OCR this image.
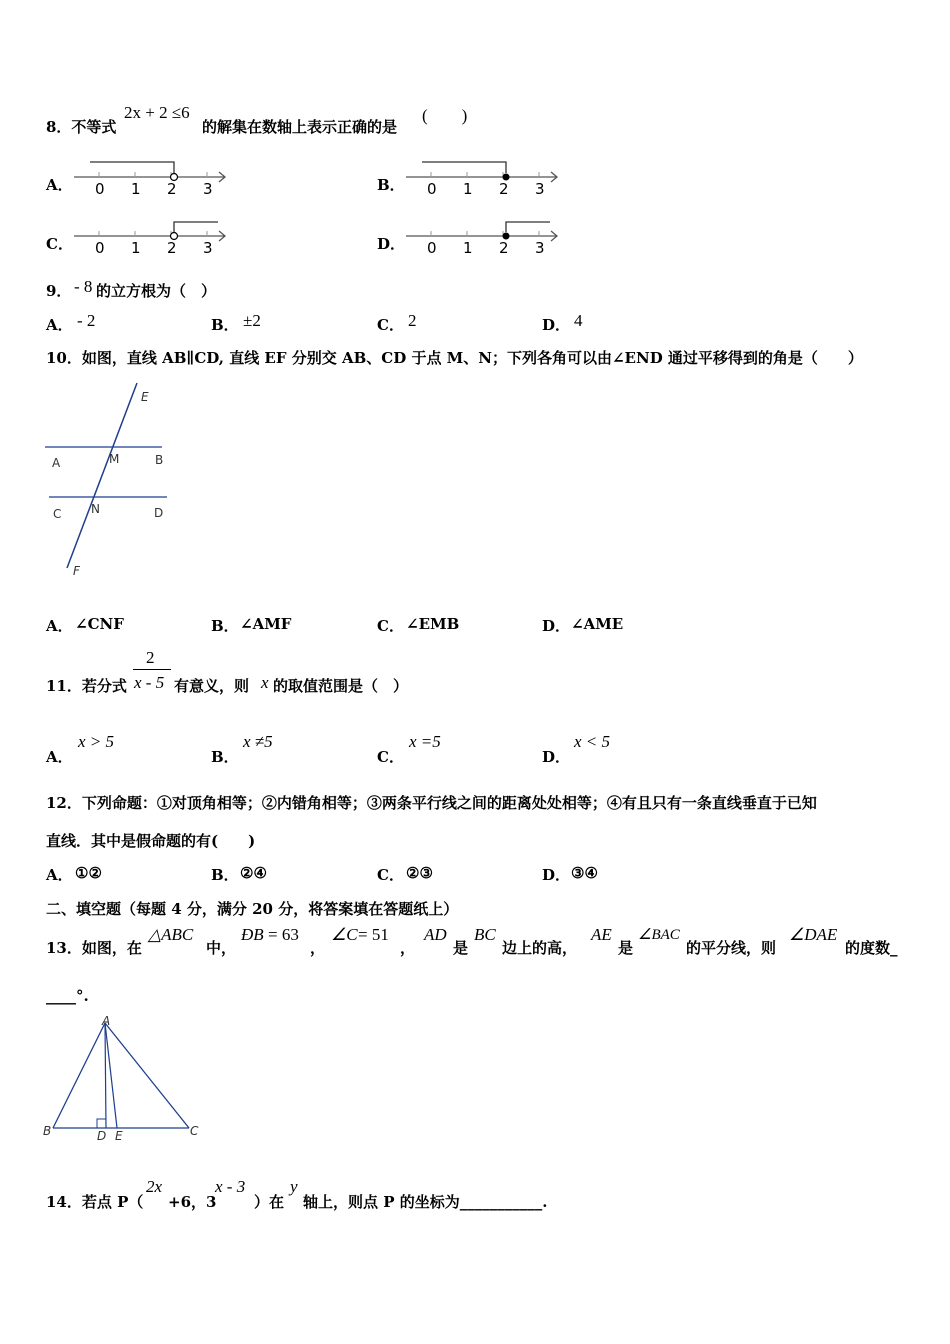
8．不等式
2x + 2 ≤6
的解集在数轴上表示正确的是
(　　)
A． 0 1 2 3	B． 0 1 2 3
C． 0 1 2 3	D． 0 1 2 3
9． - 8 的立方根为（　）
A． - 2	B． ±2	C． 2	D． 4
10．如图，直线 AB∥CD, 直线 EF 分别交 AB、CD 于点 M、N；下列各角可以由∠END 通过平移得到的角是（　　）
E
A	M	B
C N	D
F
A． ∠CNF	B． ∠AMF	C． ∠EMB	D． ∠AME
11．若分式
2
x - 5 有意义，则 x 的取值范围是（　）
A．
x > 5
B．
x ≠5
C．
x =5
D．
x < 5
12．下列命题：①对顶角相等；②内错角相等；③两条平行线之间的距离处处相等；④有且只有一条直线垂直于已知
直线．其中是假命题的有(　　)
A． ①②	B． ②④	C． ②③	D． ③④
二、填空题（每题 4 分，满分 20 分，将答案填在答题纸上）
13．如图，在
△ABC
中，
ÐB = 63
，
∠C = 51
，
AD
是
BC
边上的高，
AE
是
∠BAC
的平分线，则
∠DAE
的度数_
____°.
A
B	D E	C
14．若点 P（
2x
+6，3
x - 3
）在
y
轴上，则点 P 的坐标为___________.
